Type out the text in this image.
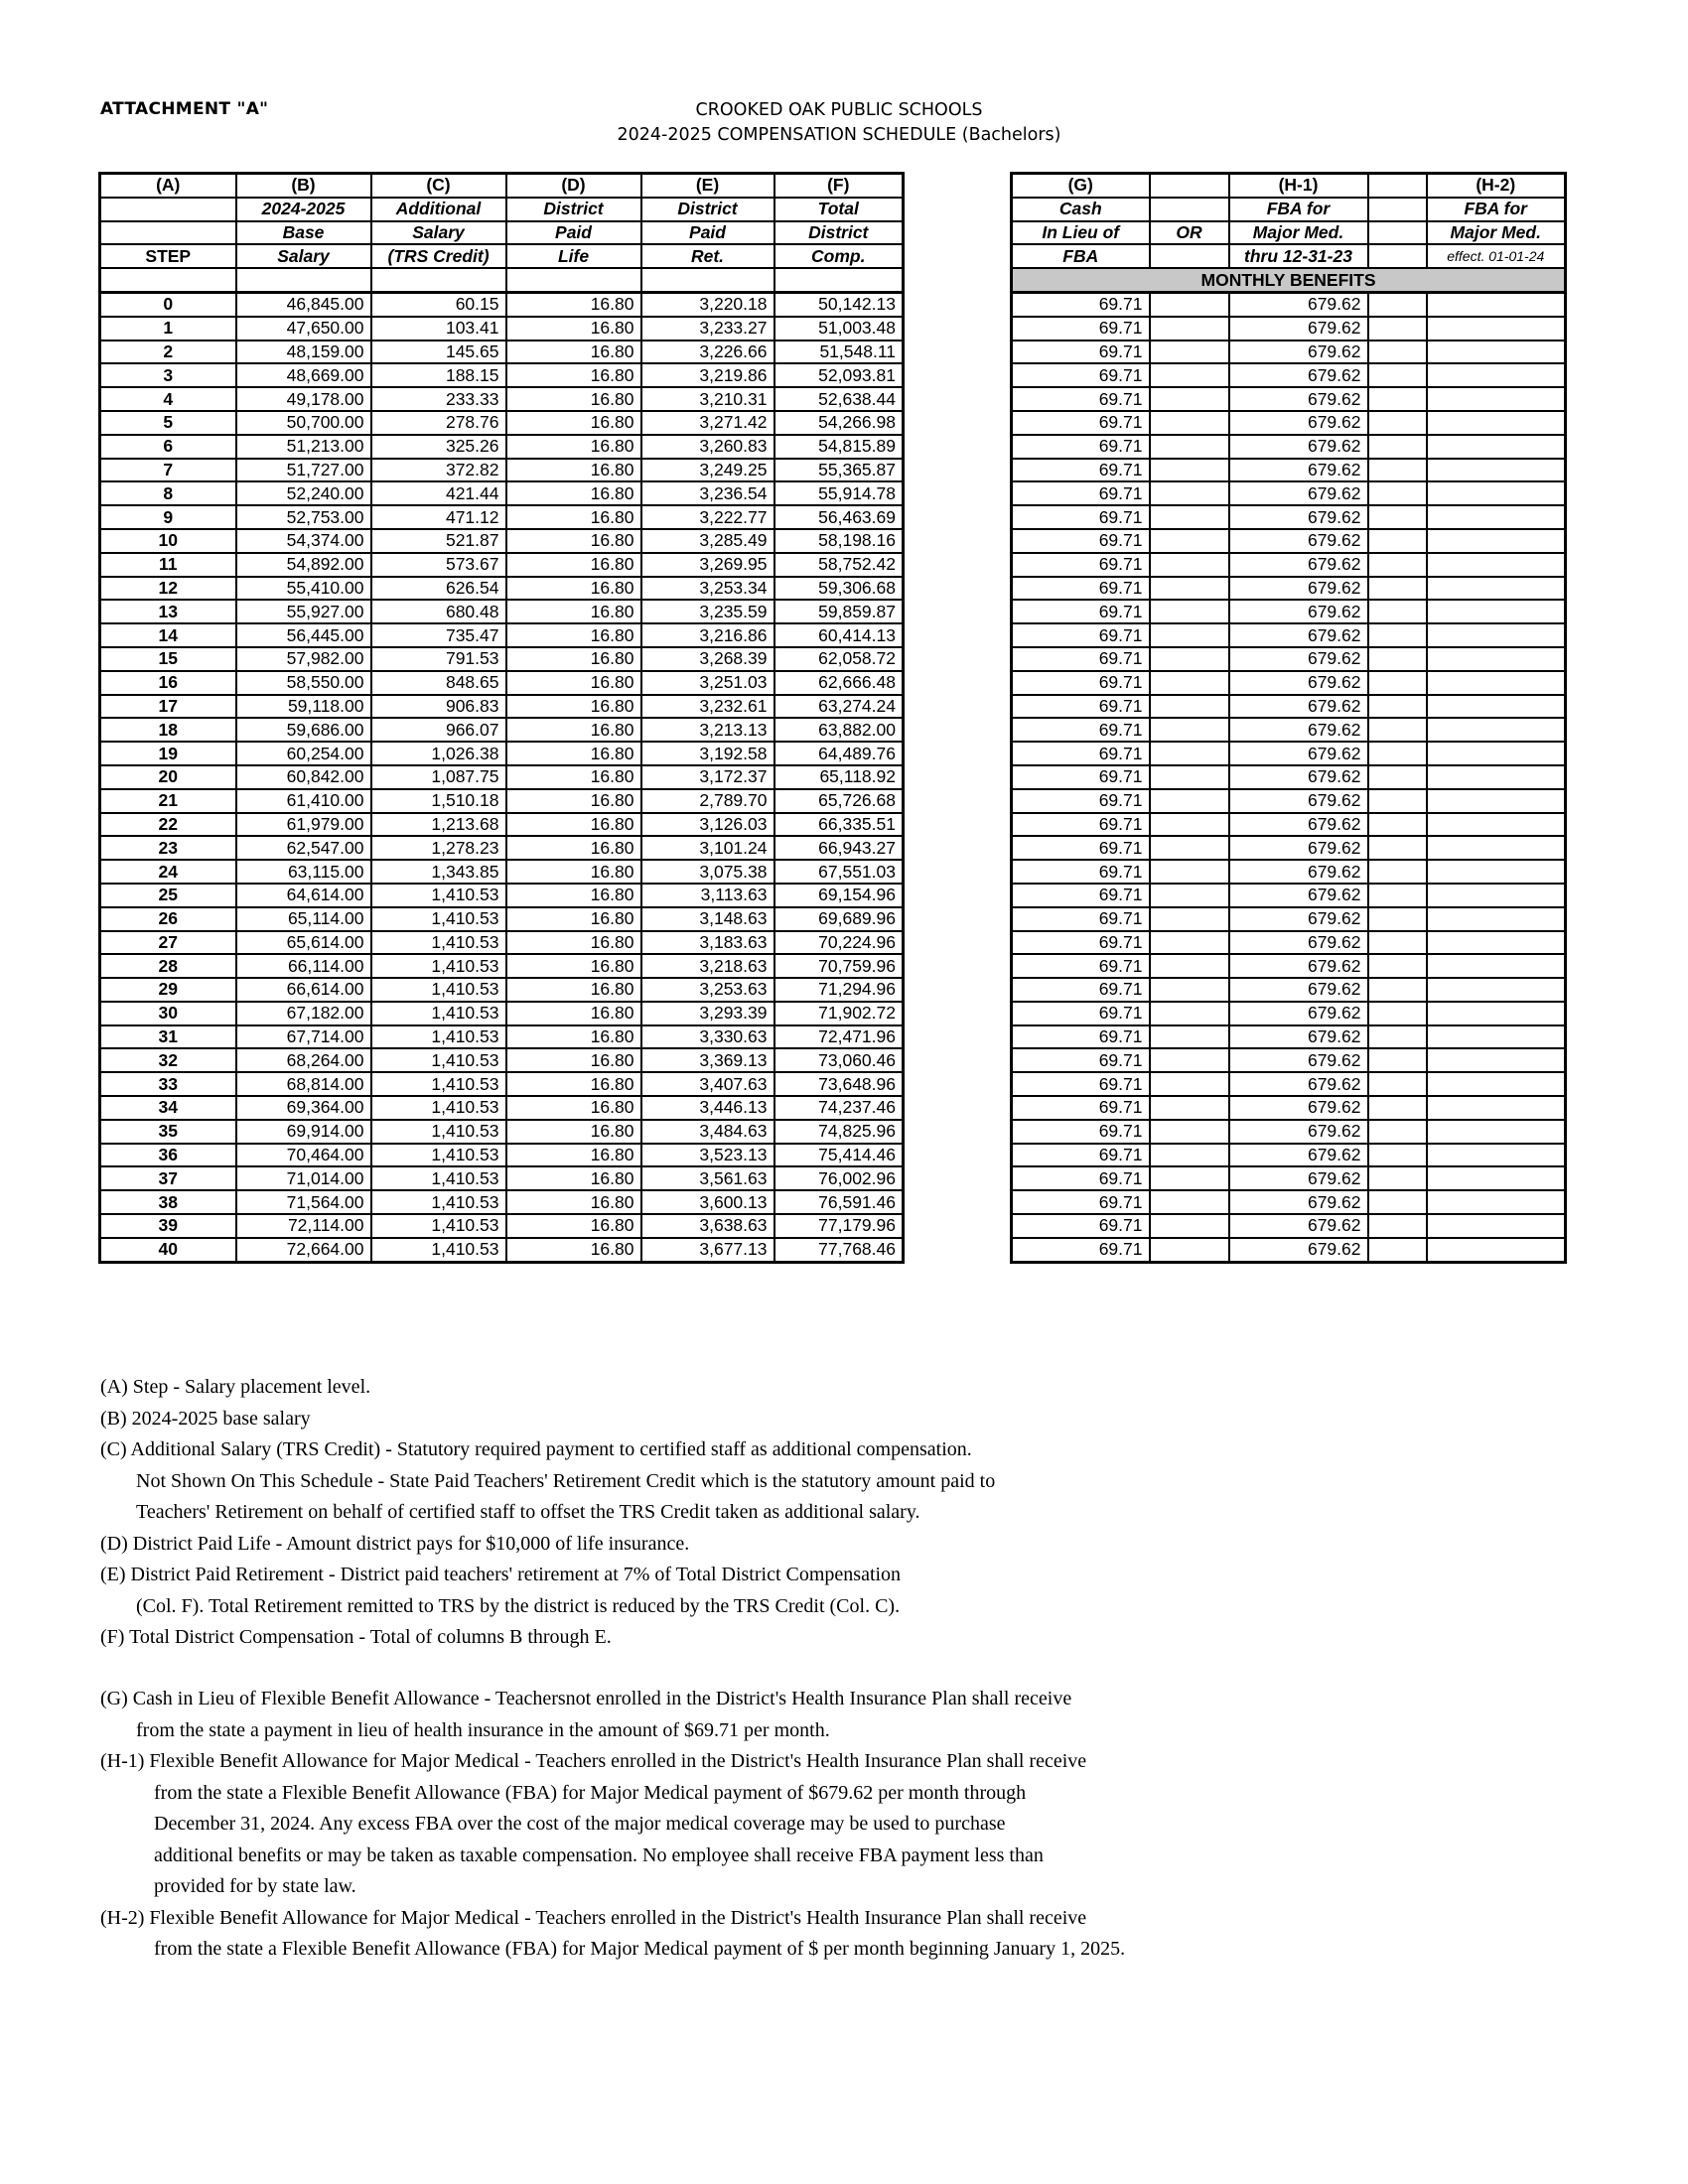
ATTACHMENT "A"	CROOKED OAK PUBLIC SCHOOLS
2024-2025 COMPENSATION SCHEDULE (Bachelors)
(A)	(B)	(C)	(D)	(E)	(F)
	2024-2025	Additional	District	District	Total
	Base	Salary	Paid	Paid	District
STEP	Salary	(TRS Credit)	Life	Ret.	Comp.

0	46,845.00	60.15	16.80	3,220.18	50,142.13
1	47,650.00	103.41	16.80	3,233.27	51,003.48
2	48,159.00	145.65	16.80	3,226.66	51,548.11
3	48,669.00	188.15	16.80	3,219.86	52,093.81
4	49,178.00	233.33	16.80	3,210.31	52,638.44
5	50,700.00	278.76	16.80	3,271.42	54,266.98
6	51,213.00	325.26	16.80	3,260.83	54,815.89
7	51,727.00	372.82	16.80	3,249.25	55,365.87
8	52,240.00	421.44	16.80	3,236.54	55,914.78
9	52,753.00	471.12	16.80	3,222.77	56,463.69
10	54,374.00	521.87	16.80	3,285.49	58,198.16
11	54,892.00	573.67	16.80	3,269.95	58,752.42
12	55,410.00	626.54	16.80	3,253.34	59,306.68
13	55,927.00	680.48	16.80	3,235.59	59,859.87
14	56,445.00	735.47	16.80	3,216.86	60,414.13
15	57,982.00	791.53	16.80	3,268.39	62,058.72
16	58,550.00	848.65	16.80	3,251.03	62,666.48
17	59,118.00	906.83	16.80	3,232.61	63,274.24
18	59,686.00	966.07	16.80	3,213.13	63,882.00
19	60,254.00	1,026.38	16.80	3,192.58	64,489.76
20	60,842.00	1,087.75	16.80	3,172.37	65,118.92
21	61,410.00	1,510.18	16.80	2,789.70	65,726.68
22	61,979.00	1,213.68	16.80	3,126.03	66,335.51
23	62,547.00	1,278.23	16.80	3,101.24	66,943.27
24	63,115.00	1,343.85	16.80	3,075.38	67,551.03
25	64,614.00	1,410.53	16.80	3,113.63	69,154.96
26	65,114.00	1,410.53	16.80	3,148.63	69,689.96
27	65,614.00	1,410.53	16.80	3,183.63	70,224.96
28	66,114.00	1,410.53	16.80	3,218.63	70,759.96
29	66,614.00	1,410.53	16.80	3,253.63	71,294.96
30	67,182.00	1,410.53	16.80	3,293.39	71,902.72
31	67,714.00	1,410.53	16.80	3,330.63	72,471.96
32	68,264.00	1,410.53	16.80	3,369.13	73,060.46
33	68,814.00	1,410.53	16.80	3,407.63	73,648.96
34	69,364.00	1,410.53	16.80	3,446.13	74,237.46
35	69,914.00	1,410.53	16.80	3,484.63	74,825.96
36	70,464.00	1,410.53	16.80	3,523.13	75,414.46
37	71,014.00	1,410.53	16.80	3,561.63	76,002.96
38	71,564.00	1,410.53	16.80	3,600.13	76,591.46
39	72,114.00	1,410.53	16.80	3,638.63	77,179.96
40	72,664.00	1,410.53	16.80	3,677.13	77,768.46
(G)		(H-1)		(H-2)
Cash		FBA for		FBA for
In Lieu of	OR	Major Med.		Major Med.
FBA		thru 12-31-23		effect. 01-01-24
MONTHLY BENEFITS				
69.71		679.62		
69.71		679.62		
69.71		679.62		
69.71		679.62		
69.71		679.62		
69.71		679.62		
69.71		679.62		
69.71		679.62		
69.71		679.62		
69.71		679.62		
69.71		679.62		
69.71		679.62		
69.71		679.62		
69.71		679.62		
69.71		679.62		
69.71		679.62		
69.71		679.62		
69.71		679.62		
69.71		679.62		
69.71		679.62		
69.71		679.62		
69.71		679.62		
69.71		679.62		
69.71		679.62		
69.71		679.62		
69.71		679.62		
69.71		679.62		
69.71		679.62		
69.71		679.62		
69.71		679.62		
69.71		679.62		
69.71		679.62		
69.71		679.62		
69.71		679.62		
69.71		679.62		
69.71		679.62		
69.71		679.62		
69.71		679.62		
69.71		679.62		
69.71		679.62		
69.71		679.62		

(A) Step - Salary placement level.

(B) 2024-2025 base salary

(C) Additional Salary (TRS Credit) - Statutory required payment to certified staff as additional compensation.

Not Shown On This Schedule - State Paid Teachers' Retirement Credit which is the statutory amount paid to

Teachers' Retirement on behalf of certified staff to offset the TRS Credit taken as additional salary.

(D) District Paid Life - Amount district pays for $10,000 of life insurance.

(E) District Paid Retirement - District paid teachers' retirement at 7% of Total District Compensation

(Col. F). Total Retirement remitted to TRS by the district is reduced by the TRS Credit (Col. C).

(F) Total District Compensation - Total of columns B through E.

(G) Cash in Lieu of Flexible Benefit Allowance - Teachersnot enrolled in the District's Health Insurance Plan shall receive

from the state a payment in lieu of health insurance in the amount of $69.71 per month.

(H-1) Flexible Benefit Allowance for Major Medical - Teachers enrolled in the District's Health Insurance Plan shall receive

from the state a Flexible Benefit Allowance (FBA) for Major Medical payment of $679.62 per month through

December 31, 2024. Any excess FBA over the cost of the major medical coverage may be used to purchase

additional benefits or may be taken as taxable compensation. No employee shall receive FBA payment less than

provided for by state law.

(H-2) Flexible Benefit Allowance for Major Medical - Teachers enrolled in the District's Health Insurance Plan shall receive

from the state a Flexible Benefit Allowance (FBA) for Major Medical payment of $ per month beginning January 1, 2025.
